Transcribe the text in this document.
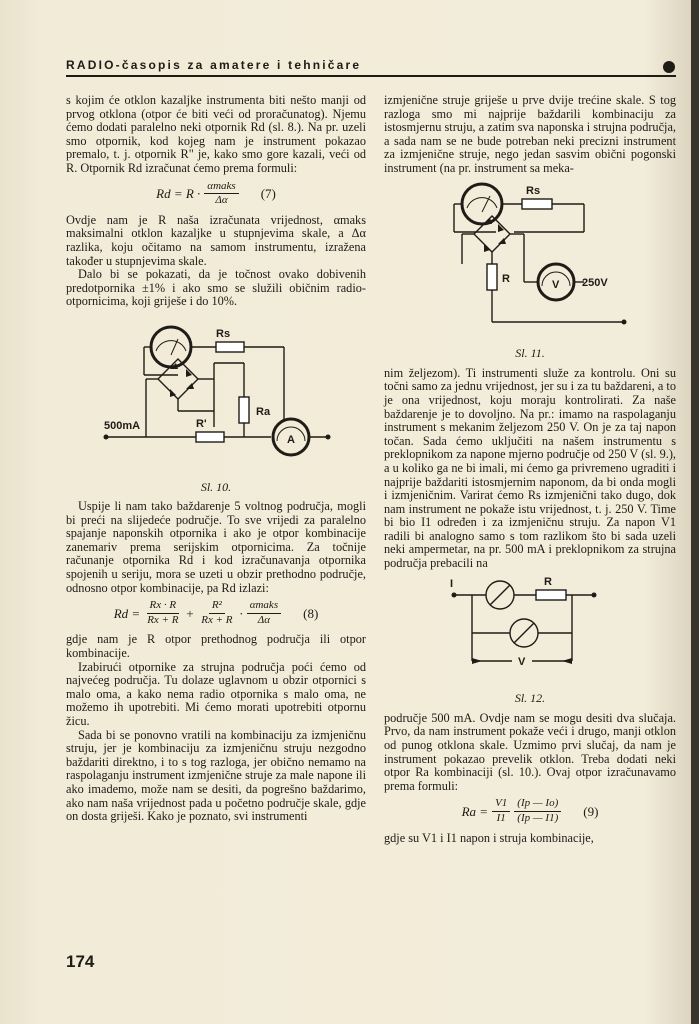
RADIO-časopis za amatere i tehničare

s kojim će otklon kazaljke instrumenta biti nešto manji od prvog otklona (otpor će biti veći od proračunatog). Njemu ćemo dodati paralelno neki otpornik Rd (sl. 8.). Na pr. uzeli smo otpornik, kod kojeg nam je instrument pokazao premalo, t. j. otpornik R" je, kako smo gore kazali, veći od R. Otpornik Rd izračunat ćemo prema formuli:

$Rd = R \cdot \frac{\text{αmaks}}{\Delta\alpha} (7)$

Ovdje nam je R naša izračunata vrijednost, αmaks maksimalni otklon kazaljke u stupnjevima skale, a Δα razlika, koju očitamo na samom instrumentu, izražena također u stupnjevima skale.

Dalo bi se pokazati, da je točnost ovako dobivenih predotpornika ±1% i ako smo se služili običnim radio-otpornicima, koji griješe i do 10%.

Rs
Ra
R'
500mA
A
Sl. 10.

Uspije li nam tako baždarenje 5 voltnog područja, mogli bi preći na slijedeće područje. To sve vrijedi za paralelno spajanje naponskih otpornika i ako je otpor kombinacije zanemariv prema serijskim otpornicima. Za točnije računanje otpornika Rd i kod izračunavanja otpornika spojenih u seriju, mora se uzeti u obzir prethodno područje, odnosno otpor kombinacije, pa Rd izlazi:

$Rd = \frac{Rx \cdot R}{Rx + R} + \frac{\text{R²}}{Rx + R} \cdot \frac{\text{αmaks}}{\Delta\alpha} (8)$

gdje nam je R otpor prethodnog područja ili otpor kombinacije.

Izabirući otpornike za strujna područja poći ćemo od najvećeg područja. Tu dolaze uglavnom u obzir otpornici s malo oma, a kako nema radio otpornika s malo oma, ne možemo ih upotrebiti. Mi ćemo morati upotrebiti otpornu žicu.

Sada bi se ponovno vratili na kombinaciju za izmjeničnu struju, jer je kombinaciju za izmjeničnu struju nezgodno baždariti direktno, i to s tog razloga, jer obično nemamo na raspolaganju instrument izmjenične struje za male napone ili ako imademo, može nam se desiti, da pogrešno baždarimo, ako nam naša vrijednost pada u početno područje skale, gdje on dosta griješi. Kako je poznato, svi instrumenti

izmjenične struje griješe u prve dvije trećine skale. S tog razloga smo mi najprije baždarili kombinaciju za istosmjernu struju, a zatim sva naponska i strujna područja, a sada nam se ne bude potreban neki precizni instrument za izmjenične struje, nego jedan sasvim obični pogonski instrument (na pr. instrument sa meka-

Rs
R	V 250V
Sl. 11.

nim željezom). Ti instrumenti služe za kontrolu. Oni su točni samo za jednu vrijednost, jer su i za tu baždareni, a to je ona vrijednost, koju moraju kontrolirati. Za naše baždarenje je to dovoljno. Na pr.: imamo na raspolaganju instrument s mekanim željezom 250 V. On je za taj napon točan. Sada ćemo uključiti na našem instrumentu s preklopnikom za napone mjerno područje od 250 V (sl. 9.), a u koliko ga ne bi imali, mi ćemo ga privremeno ugraditi i najprije baždariti istosmjernim naponom, da bi onda mogli i izmjeničnim. Varirat ćemo Rs izmjenični tako dugo, dok nam instrument ne pokaže istu vrijednost, t. j. 250 V. Time bi bio I1 određen i za izmjeničnu struju. Za napon V1 radili bi analogno samo s tom razlikom što bi sada uzeli neki ampermetar, na pr. 500 mA i preklopnikom za strujna područja prebacili na

I	R
V
Sl. 12.

područje 500 mA. Ovdje nam se mogu desiti dva slučaja. Prvo, da nam instrument pokaže veći i drugo, manji otklon od punog otklona skale. Uzmimo prvi slučaj, da nam je instrument pokazao prevelik otklon. Treba dodati neki otpor Ra kombinaciji (sl. 10.). Ovaj otpor izračunavamo prema formuli:

$Ra = \frac{V1}{I1} \frac{(Ip — Io)}{(Ip — I1)} (9)$

gdje su V1 i I1 napon i struja kombinacije,

174
